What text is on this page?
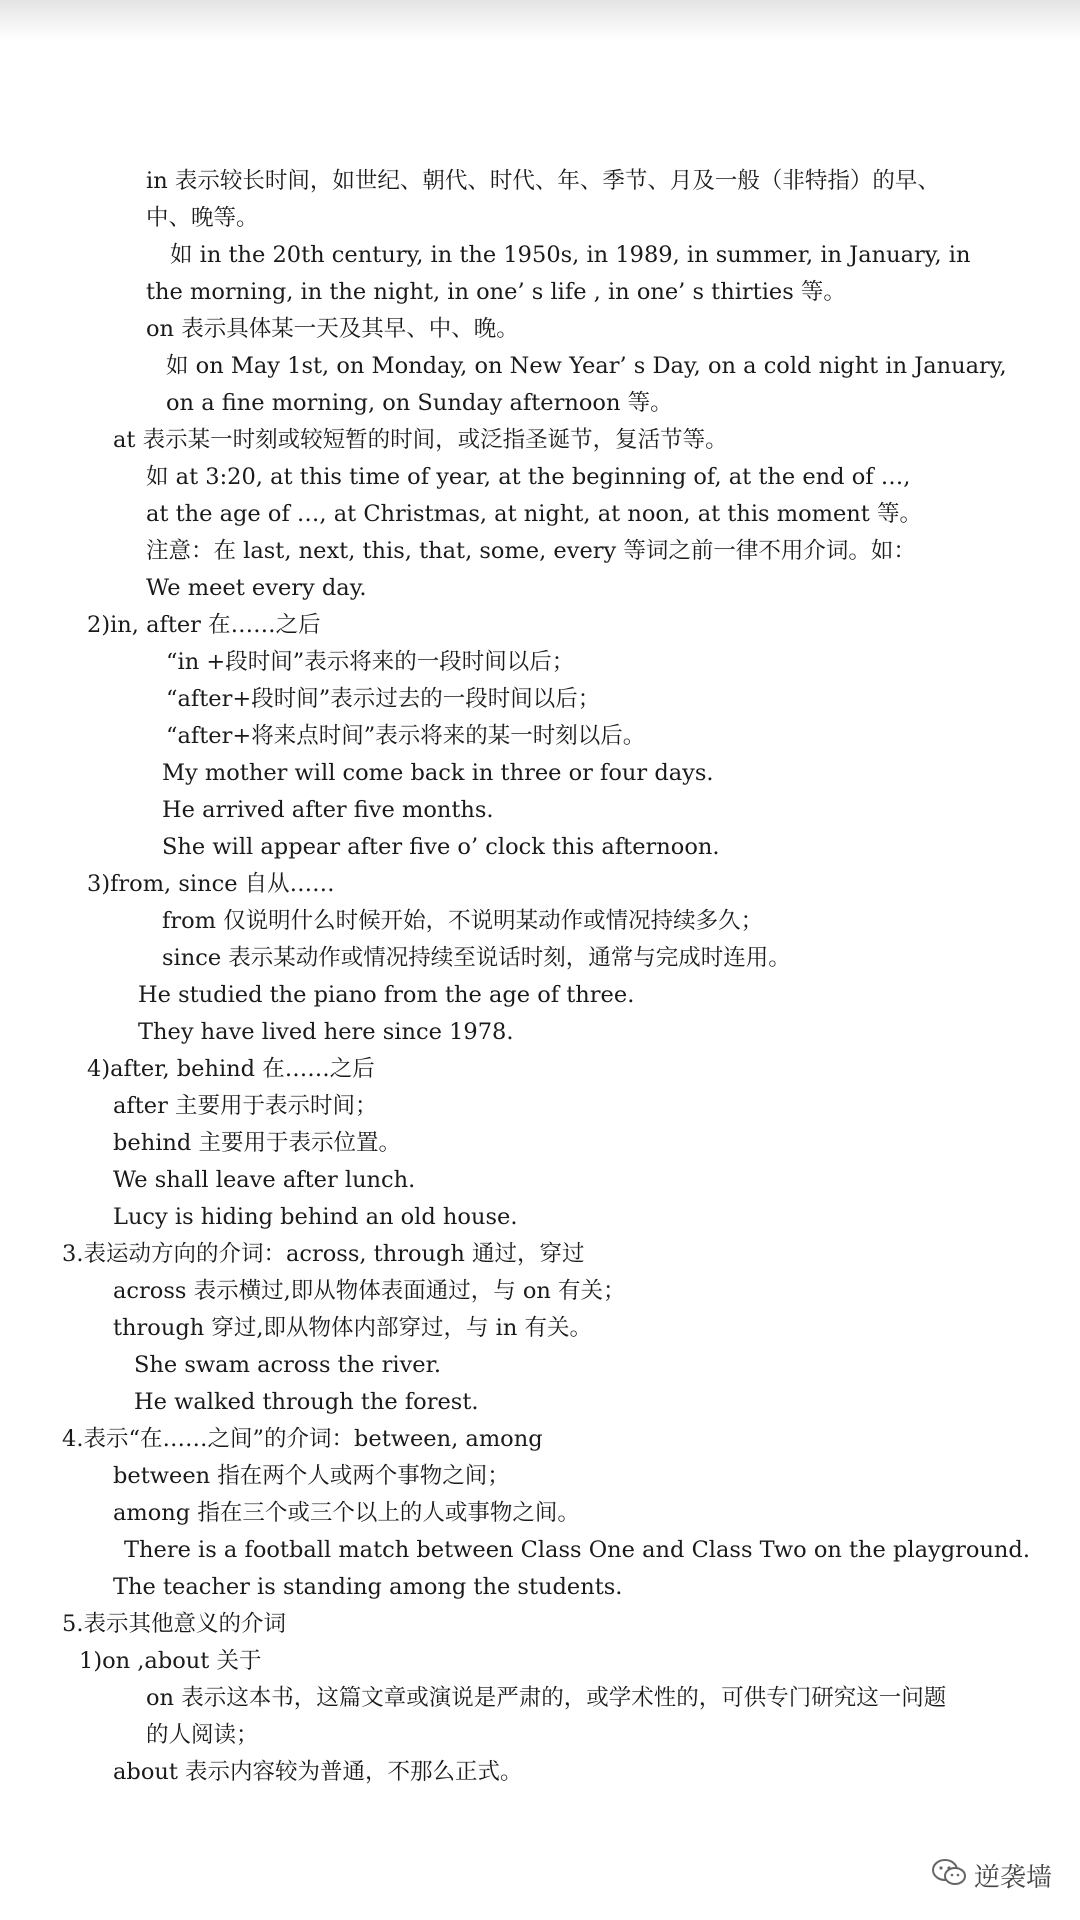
in 表示较长时间，如世纪、朝代、时代、年、季节、月及一般（非特指）的早、
中、晚等。
如 in the 20th century, in the 1950s, in 1989, in summer, in January, in
the morning, in the night, in one’ s life , in one’ s thirties 等。
on 表示具体某一天及其早、中、晚。
如 on May 1st, on Monday, on New Year’ s Day, on a cold night in January,
on a fine morning, on Sunday afternoon 等。
at 表示某一时刻或较短暂的时间，或泛指圣诞节，复活节等。
如 at 3:20, at this time of year, at the beginning of, at the end of …,
at the age of …, at Christmas, at night, at noon, at this moment 等。
注意：在 last, next, this, that, some, every 等词之前一律不用介词。如：
We meet every day.
2)in, after 在……之后
“in +段时间”表示将来的一段时间以后；
“after+段时间”表示过去的一段时间以后；
“after+将来点时间”表示将来的某一时刻以后。
My mother will come back in three or four days.
He arrived after five months.
She will appear after five o’ clock this afternoon.
3)from, since 自从……
from 仅说明什么时候开始，不说明某动作或情况持续多久；
since 表示某动作或情况持续至说话时刻，通常与完成时连用。
He studied the piano from the age of three.
They have lived here since 1978.
4)after, behind 在……之后
after 主要用于表示时间；
behind 主要用于表示位置。
We shall leave after lunch.
Lucy is hiding behind an old house.
3.表运动方向的介词：across, through 通过，穿过
across 表示横过,即从物体表面通过，与 on 有关；
through 穿过,即从物体内部穿过，与 in 有关。
She swam across the river.
He walked through the forest.
4.表示“在……之间”的介词：between, among
between 指在两个人或两个事物之间；
among 指在三个或三个以上的人或事物之间。
There is a football match between Class One and Class Two on the playground.
The teacher is standing among the students.
5.表示其他意义的介词
1)on ,about 关于
on 表示这本书，这篇文章或演说是严肃的，或学术性的，可供专门研究这一问题
的人阅读；
about 表示内容较为普通，不那么正式。
逆袭墙
